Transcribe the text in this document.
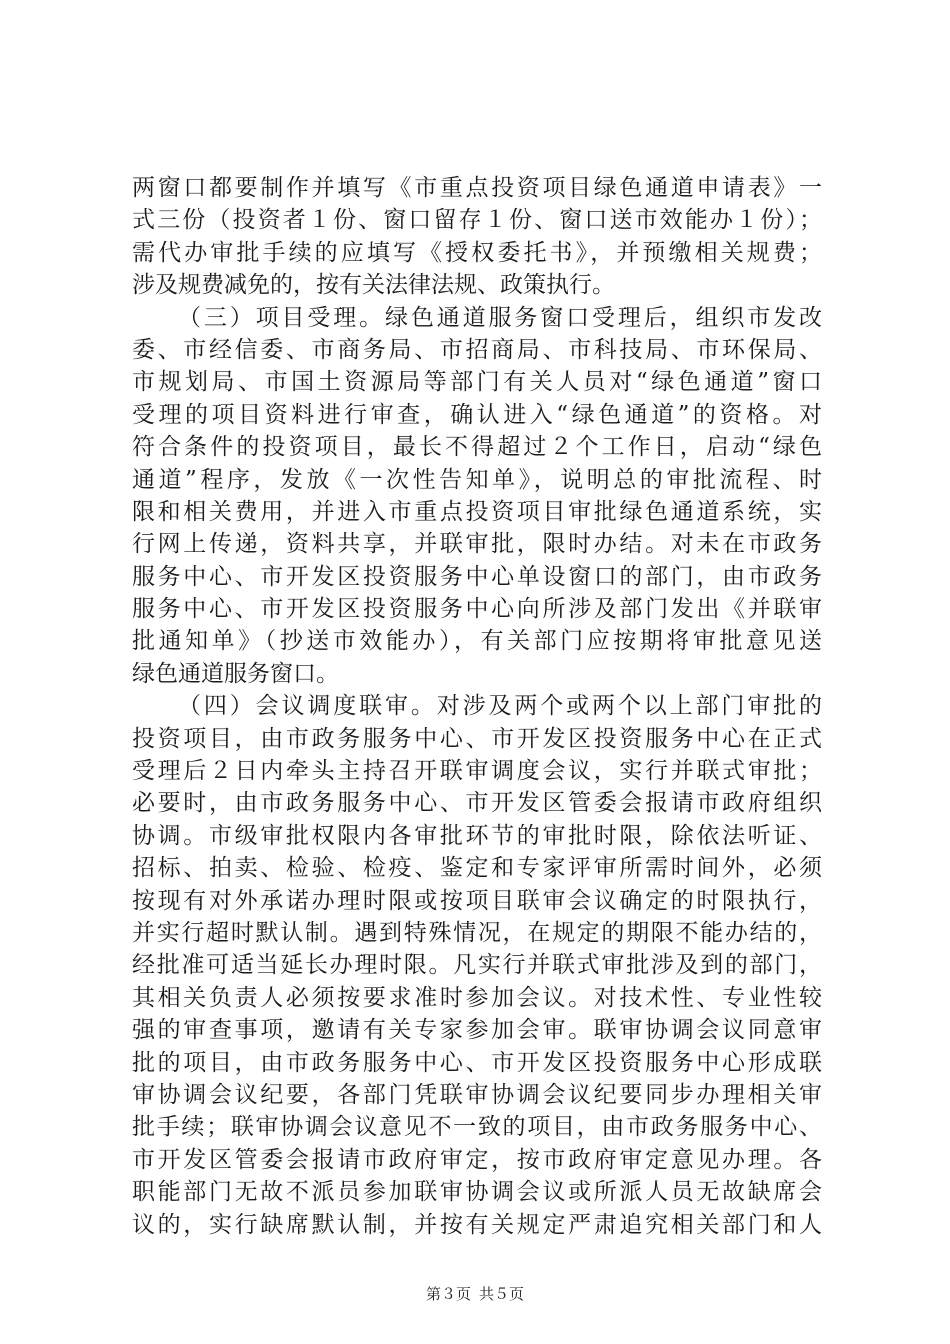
两窗口都要制作并填写《市重点投资项目绿色通道申请表》一
式三份（投资者１份、窗口留存１份、窗口送市效能办１份）；
需代办审批手续的应填写《授权委托书》，并预缴相关规费；
涉及规费减免的，按有关法律法规、政策执行。
（三）项目受理。绿色通道服务窗口受理后，组织市发改
委、市经信委、市商务局、市招商局、市科技局、市环保局、
市规划局、市国土资源局等部门有关人员对“绿色通道”窗口
受理的项目资料进行审查，确认进入“绿色通道”的资格。对
符合条件的投资项目，最长不得超过２个工作日，启动“绿色
通道”程序，发放《一次性告知单》，说明总的审批流程、时
限和相关费用，并进入市重点投资项目审批绿色通道系统，实
行网上传递，资料共享，并联审批，限时办结。对未在市政务
服务中心、市开发区投资服务中心单设窗口的部门，由市政务
服务中心、市开发区投资服务中心向所涉及部门发出《并联审
批通知单》（抄送市效能办），有关部门应按期将审批意见送
绿色通道服务窗口。
（四）会议调度联审。对涉及两个或两个以上部门审批的
投资项目，由市政务服务中心、市开发区投资服务中心在正式
受理后２日内牵头主持召开联审调度会议，实行并联式审批；
必要时，由市政务服务中心、市开发区管委会报请市政府组织
协调。市级审批权限内各审批环节的审批时限，除依法听证、
招标、拍卖、检验、检疫、鉴定和专家评审所需时间外，必须
按现有对外承诺办理时限或按项目联审会议确定的时限执行，
并实行超时默认制。遇到特殊情况，在规定的期限不能办结的，
经批准可适当延长办理时限。凡实行并联式审批涉及到的部门，
其相关负责人必须按要求准时参加会议。对技术性、专业性较
强的审查事项，邀请有关专家参加会审。联审协调会议同意审
批的项目，由市政务服务中心、市开发区投资服务中心形成联
审协调会议纪要，各部门凭联审协调会议纪要同步办理相关审
批手续；联审协调会议意见不一致的项目，由市政务服务中心、
市开发区管委会报请市政府审定，按市政府审定意见办理。各
职能部门无故不派员参加联审协调会议或所派人员无故缺席会
议的，实行缺席默认制，并按有关规定严肃追究相关部门和人
第３页 共５页
